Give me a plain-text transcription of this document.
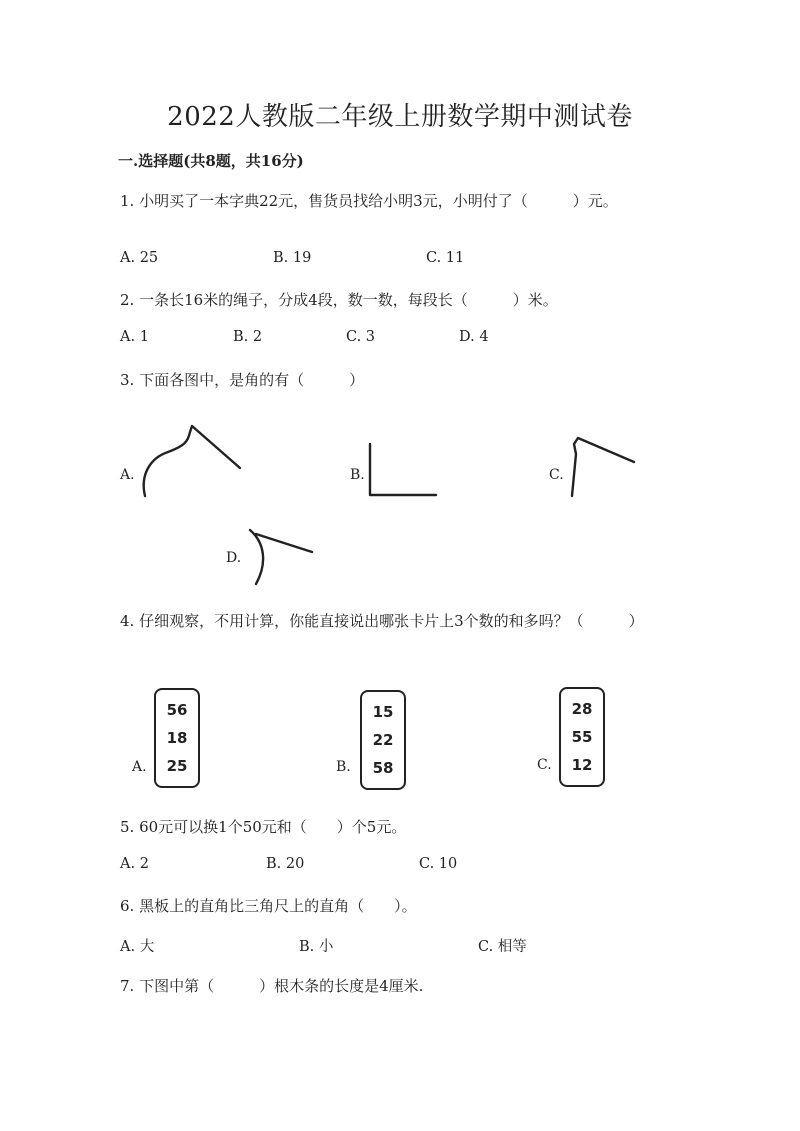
2022人教版二年级上册数学期中测试卷
一.选择题(共8题，共16分)
1. 小明买了一本字典22元，售货员找给小明3元，小明付了（　　　）元。
A. 25	B. 19	C. 11
2. 一条长16米的绳子，分成4段，数一数，每段长（　　　）米。
A. 1	B. 2	C. 3	D. 4
3. 下面各图中，是角的有（　　　）
A.	B.	C.
D.
4. 仔细观察，不用计算，你能直接说出哪张卡片上3个数的和多吗？（　　　）
A.
56
18
25	B.
15
22
58	C.
28
55
12
5. 60元可以换1个50元和（　　）个5元。
A. 2	B. 20	C. 10
6. 黑板上的直角比三角尺上的直角（　　）。
A. 大	B. 小	C. 相等
7. 下图中第（　　　）根木条的长度是4厘米.
